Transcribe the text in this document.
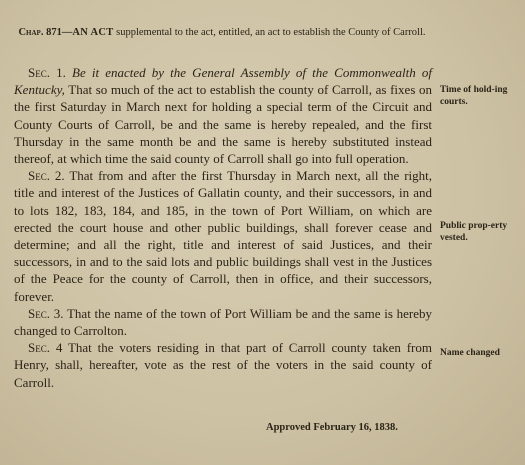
Chap. 871—AN ACT supplemental to the act, entitled, an act to establish the County of Carroll.

Sec. 1. Be it enacted by the General Assembly of the Commonwealth of Kentucky, That so much of the act to establish the county of Carroll, as fixes on the first Saturday in March next for holding a special term of the Circuit and County Courts of Carroll, be and the same is hereby repealed, and the first Thursday in the same month be and the same is hereby substituted instead thereof, at which time the said county of Carroll shall go into full operation.

Sec. 2. That from and after the first Thursday in March next, all the right, title and interest of the Justices of Gallatin county, and their successors, in and to lots 182, 183, 184, and 185, in the town of Port William, on which are erected the court house and other public buildings, shall forever cease and determine; and all the right, title and interest of said Justices, and their successors, in and to the said lots and public buildings shall vest in the Justices of the Peace for the county of Carroll, then in office, and their successors, forever.

Sec. 3. That the name of the town of Port William be and the same is hereby changed to Carrolton.

Sec. 4 That the voters residing in that part of Carroll county taken from Henry, shall, hereafter, vote as the rest of the voters in the said county of Carroll.

Approved February 16, 1838.
Time of hold-ing courts.
Public prop-erty vested.
Name changed
